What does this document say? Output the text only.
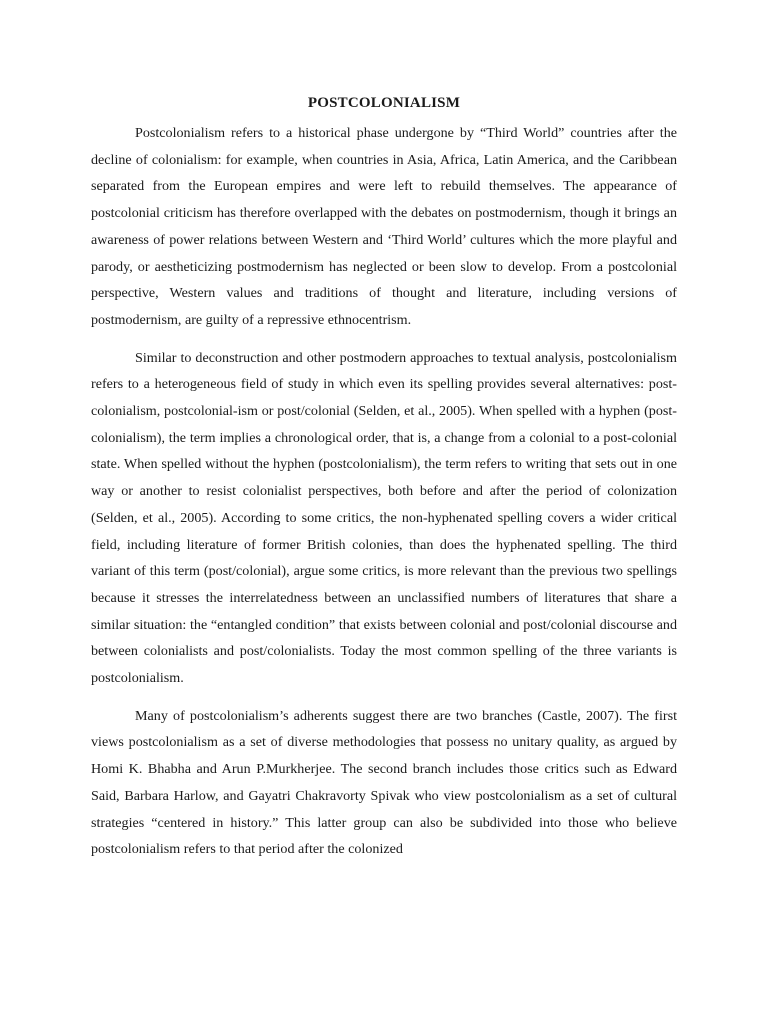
POSTCOLONIALISM

Postcolonialism refers to a historical phase undergone by “Third World” countries after the decline of colonialism: for example, when countries in Asia, Africa, Latin America, and the Caribbean separated from the European empires and were left to rebuild themselves. The appearance of postcolonial criticism has therefore overlapped with the debates on postmodernism, though it brings an awareness of power relations between Western and ‘Third World’ cultures which the more playful and parody, or aestheticizing postmodernism has neglected or been slow to develop. From a postcolonial perspective, Western values and traditions of thought and literature, including versions of postmodernism, are guilty of a repressive ethnocentrism.

Similar to deconstruction and other postmodern approaches to textual analysis, postcolonialism refers to a heterogeneous field of study in which even its spelling provides several alternatives: post-colonialism, postcolonial-ism or post/colonial (Selden, et al., 2005). When spelled with a hyphen (post-colonialism), the term implies a chronological order, that is, a change from a colonial to a post-colonial state. When spelled without the hyphen (postcolonialism), the term refers to writing that sets out in one way or another to resist colonialist perspectives, both before and after the period of colonization (Selden, et al., 2005). According to some critics, the non-hyphenated spelling covers a wider critical field, including literature of former British colonies, than does the hyphenated spelling. The third variant of this term (post/colonial), argue some critics, is more relevant than the previous two spellings because it stresses the interrelatedness between an unclassified numbers of literatures that share a similar situation: the “entangled condition” that exists between colonial and post/colonial discourse and between colonialists and post/colonialists. Today the most common spelling of the three variants is postcolonialism.

Many of postcolonialism’s adherents suggest there are two branches (Castle, 2007). The first views postcolonialism as a set of diverse methodologies that possess no unitary quality, as argued by Homi K. Bhabha and Arun P.Murkherjee. The second branch includes those critics such as Edward Said, Barbara Harlow, and Gayatri Chakravorty Spivak who view postcolonialism as a set of cultural strategies “centered in history.” This latter group can also be subdivided into those who believe postcolonialism refers to that period after the colonized
